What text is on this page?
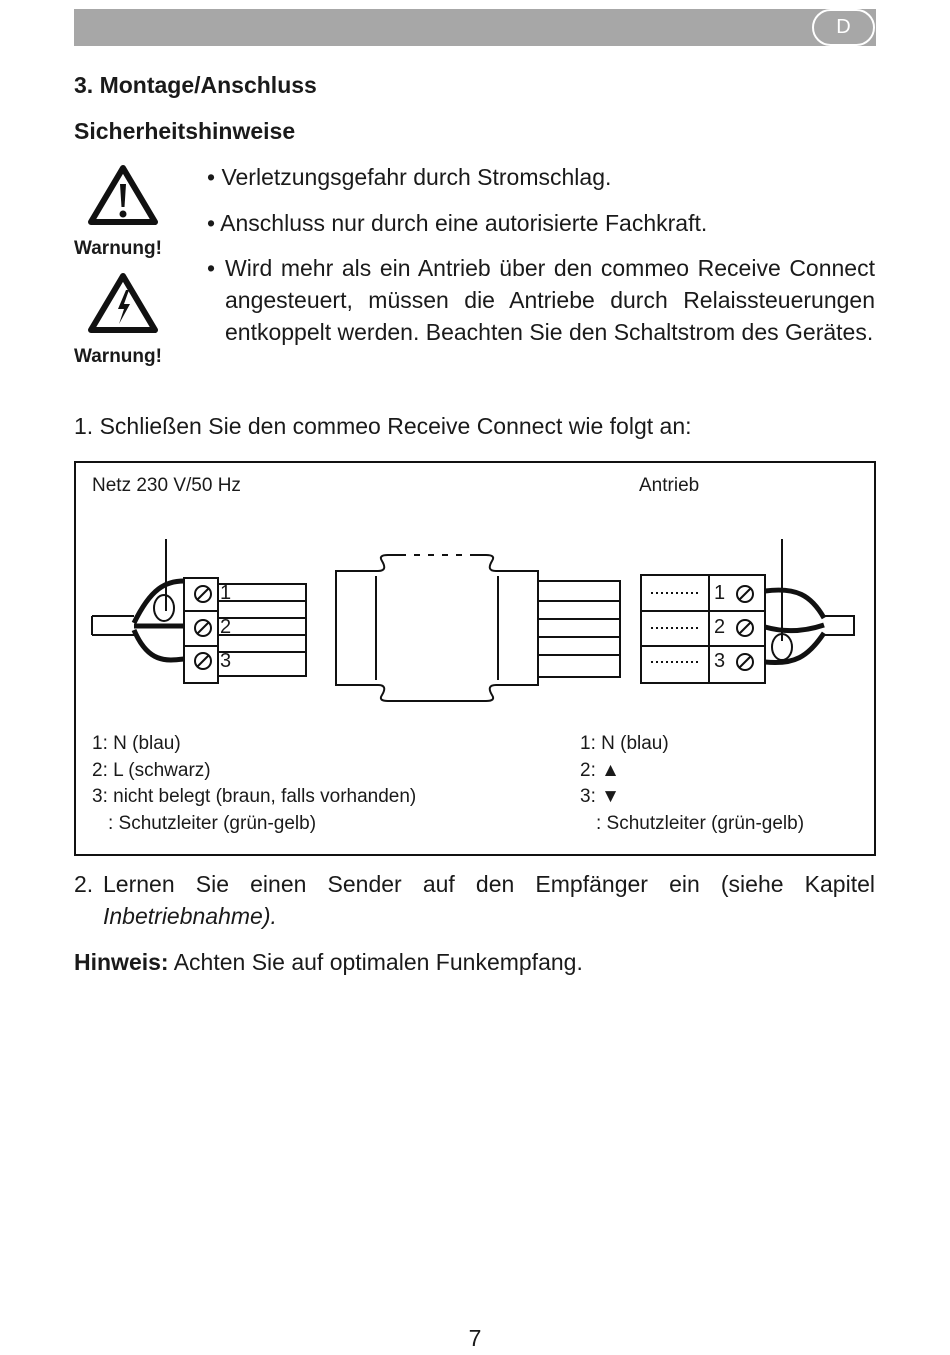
D
3. Montage/Anschluss
Sicherheitshinweise
Warnung!
Warnung!
• Verletzungsgefahr durch Stromschlag.
• Anschluss nur durch eine autorisierte Fachkraft.
• Wird mehr als ein Antrieb über den commeo Receive Connect angesteuert, müssen die Antriebe durch Relaissteuerungen entkoppelt werden. Beachten Sie den Schaltstrom des Gerätes.
1. Schließen Sie den commeo Receive Connect wie folgt an:
Netz 230 V/50 Hz	Antrieb
1
2
3
1
2
3
1: N (blau)
2: L (schwarz)
3: nicht belegt (braun, falls vorhanden)
: Schutzleiter (grün-gelb)
1: N (blau)
2: ▲
3: ▼
: Schutzleiter (grün-gelb)
2. Lernen Sie einen Sender auf den Empfänger ein (siehe Kapitel
Inbetriebnahme).
Hinweis: Achten Sie auf optimalen Funkempfang.
7
